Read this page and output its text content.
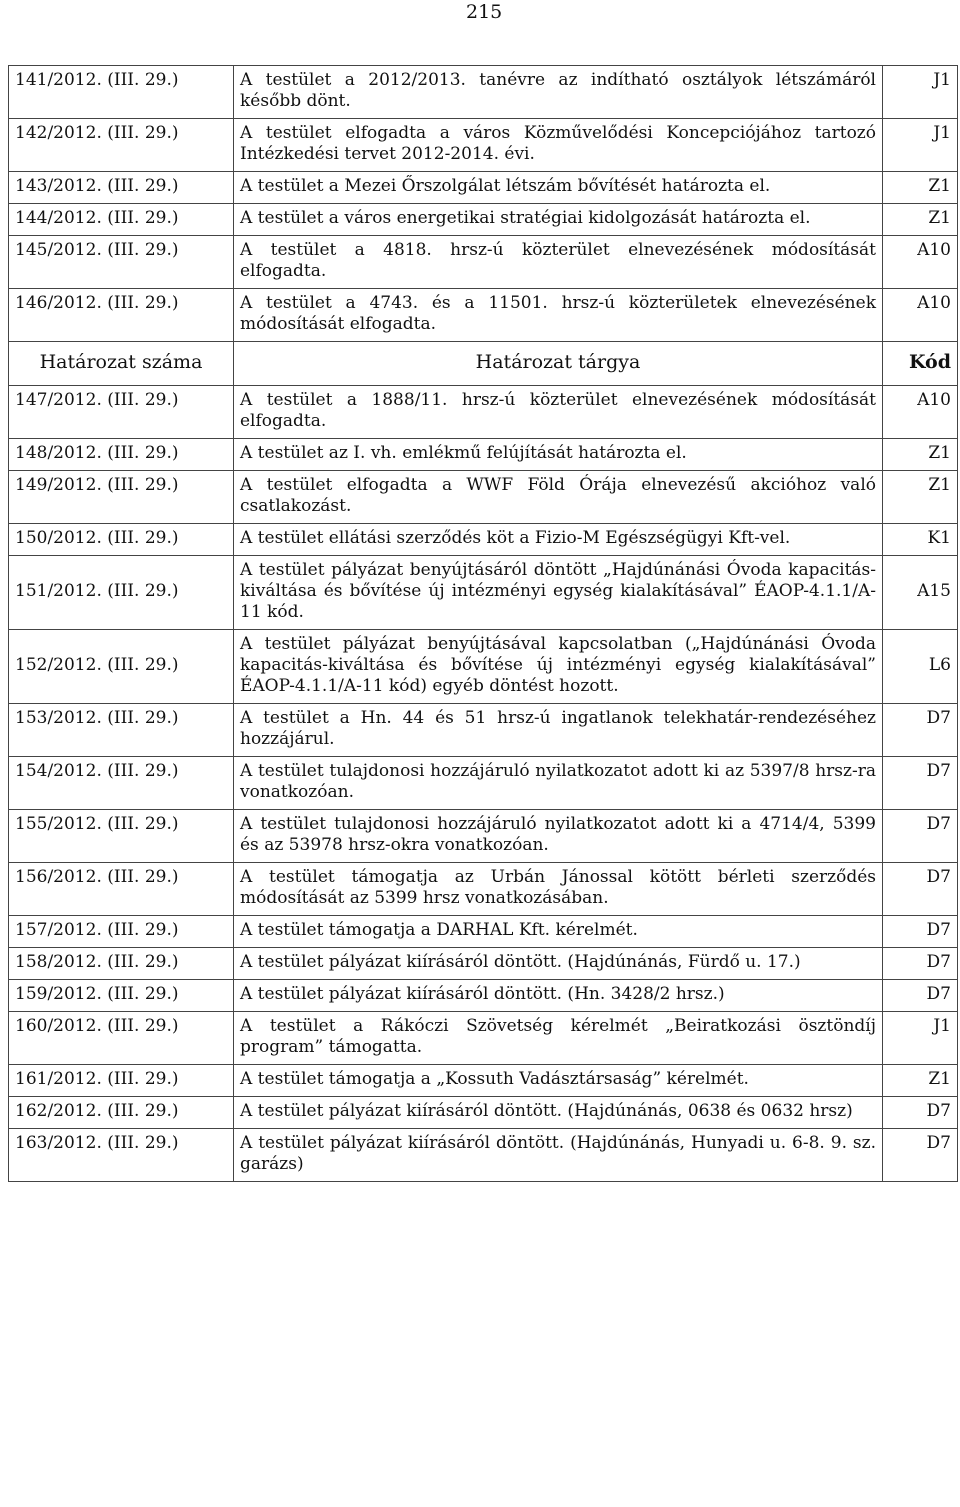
215
141/2012. (III. 29.)	A testület a 2012/2013. tanévre az indítható osztályok létszámáról később dönt.	J1
142/2012. (III. 29.)	A testület elfogadta a város Közművelődési Koncepciójához tartozó Intézkedési tervet 2012-2014. évi.	J1
143/2012. (III. 29.)	A testület a Mezei Őrszolgálat létszám bővítését határozta el.	Z1
144/2012. (III. 29.)	A testület a város energetikai stratégiai kidolgozását határozta el.	Z1
145/2012. (III. 29.)	A testület a 4818. hrsz-ú közterület elnevezésének módosítását elfogadta.	A10
146/2012. (III. 29.)	A testület a 4743. és a 11501. hrsz-ú közterületek elnevezésének módosítását elfogadta.	A10
Határozat száma	Határozat tárgya	Kód
147/2012. (III. 29.)	A testület a 1888/11. hrsz-ú közterület elnevezésének módosítását elfogadta.	A10
148/2012. (III. 29.)	A testület az I. vh. emlékmű felújítását határozta el.	Z1
149/2012. (III. 29.)	A testület elfogadta a WWF Föld Órája elnevezésű akcióhoz való csatlakozást.	Z1
150/2012. (III. 29.)	A testület ellátási szerződés köt a Fizio-M Egészségügyi Kft-vel.	K1
151/2012. (III. 29.)	A testület pályázat benyújtásáról döntött „Hajdúnánási Óvoda kapacitás-kiváltása és bővítése új intézményi egység kialakításával” ÉAOP-4.1.1/A-11 kód.	A15
152/2012. (III. 29.)	A testület pályázat benyújtásával kapcsolatban („Hajdúnánási Óvoda kapacitás-kiváltása és bővítése új intézményi egység kialakításával” ÉAOP-4.1.1/A-11 kód) egyéb döntést hozott.	L6
153/2012. (III. 29.)	A testület a Hn. 44 és 51 hrsz-ú ingatlanok telekhatár-rendezéséhez hozzájárul.	D7
154/2012. (III. 29.)	A testület tulajdonosi hozzájáruló nyilatkozatot adott ki az 5397/8 hrsz-ra vonatkozóan.	D7
155/2012. (III. 29.)	A testület tulajdonosi hozzájáruló nyilatkozatot adott ki a 4714/4, 5399 és az 53978 hrsz-okra vonatkozóan.	D7
156/2012. (III. 29.)	A testület támogatja az Urbán Jánossal kötött bérleti szerződés módosítását az 5399 hrsz vonatkozásában.	D7
157/2012. (III. 29.)	A testület támogatja a DARHAL Kft. kérelmét.	D7
158/2012. (III. 29.)	A testület pályázat kiírásáról döntött. (Hajdúnánás, Fürdő u. 17.)	D7
159/2012. (III. 29.)	A testület pályázat kiírásáról döntött. (Hn. 3428/2 hrsz.)	D7
160/2012. (III. 29.)	A testület a Rákóczi Szövetség kérelmét „Beiratkozási ösztöndíj program” támogatta.	J1
161/2012. (III. 29.)	A testület támogatja a „Kossuth Vadásztársaság” kérelmét.	Z1
162/2012. (III. 29.)	A testület pályázat kiírásáról döntött. (Hajdúnánás, 0638 és 0632 hrsz)	D7
163/2012. (III. 29.)	A testület pályázat kiírásáról döntött. (Hajdúnánás, Hunyadi u. 6-8. 9. sz. garázs)	D7
